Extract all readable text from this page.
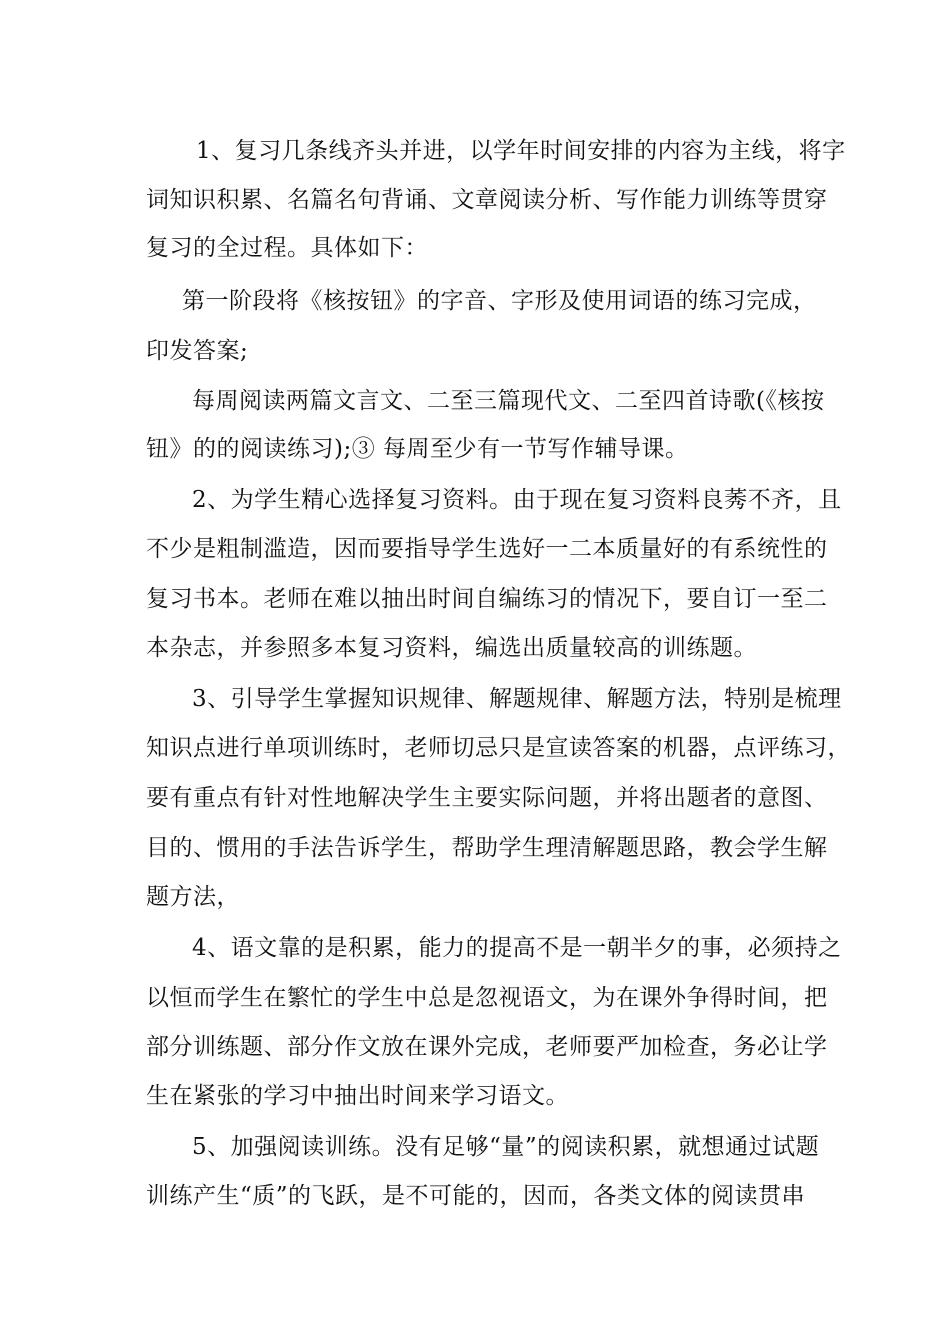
1、复习几条线齐头并进，以学年时间安排的内容为主线，将字

词知识积累、名篇名句背诵、文章阅读分析、写作能力训练等贯穿

复习的全过程。具体如下：

第一阶段将《核按钮》的字音、字形及使用词语的练习完成，

印发答案;

每周阅读两篇文言文、二至三篇现代文、二至四首诗歌(《核按

钮》的的阅读练习);③ 每周至少有一节写作辅导课。

2、为学生精心选择复习资料。由于现在复习资料良莠不齐，且

不少是粗制滥造，因而要指导学生选好一二本质量好的有系统性的

复习书本。老师在难以抽出时间自编练习的情况下，要自订一至二

本杂志，并参照多本复习资料，编选出质量较高的训练题。

3、引导学生掌握知识规律、解题规律、解题方法，特别是梳理

知识点进行单项训练时，老师切忌只是宣读答案的机器，点评练习，

要有重点有针对性地解决学生主要实际问题，并将出题者的意图、

目的、惯用的手法告诉学生，帮助学生理清解题思路，教会学生解

题方法，

4、语文靠的是积累，能力的提高不是一朝半夕的事，必须持之

以恒而学生在繁忙的学生中总是忽视语文，为在课外争得时间，把

部分训练题、部分作文放在课外完成，老师要严加检查，务必让学

生在紧张的学习中抽出时间来学习语文。

5、加强阅读训练。没有足够“量”的阅读积累，就想通过试题

训练产生“质”的飞跃，是不可能的，因而，各类文体的阅读贯串
